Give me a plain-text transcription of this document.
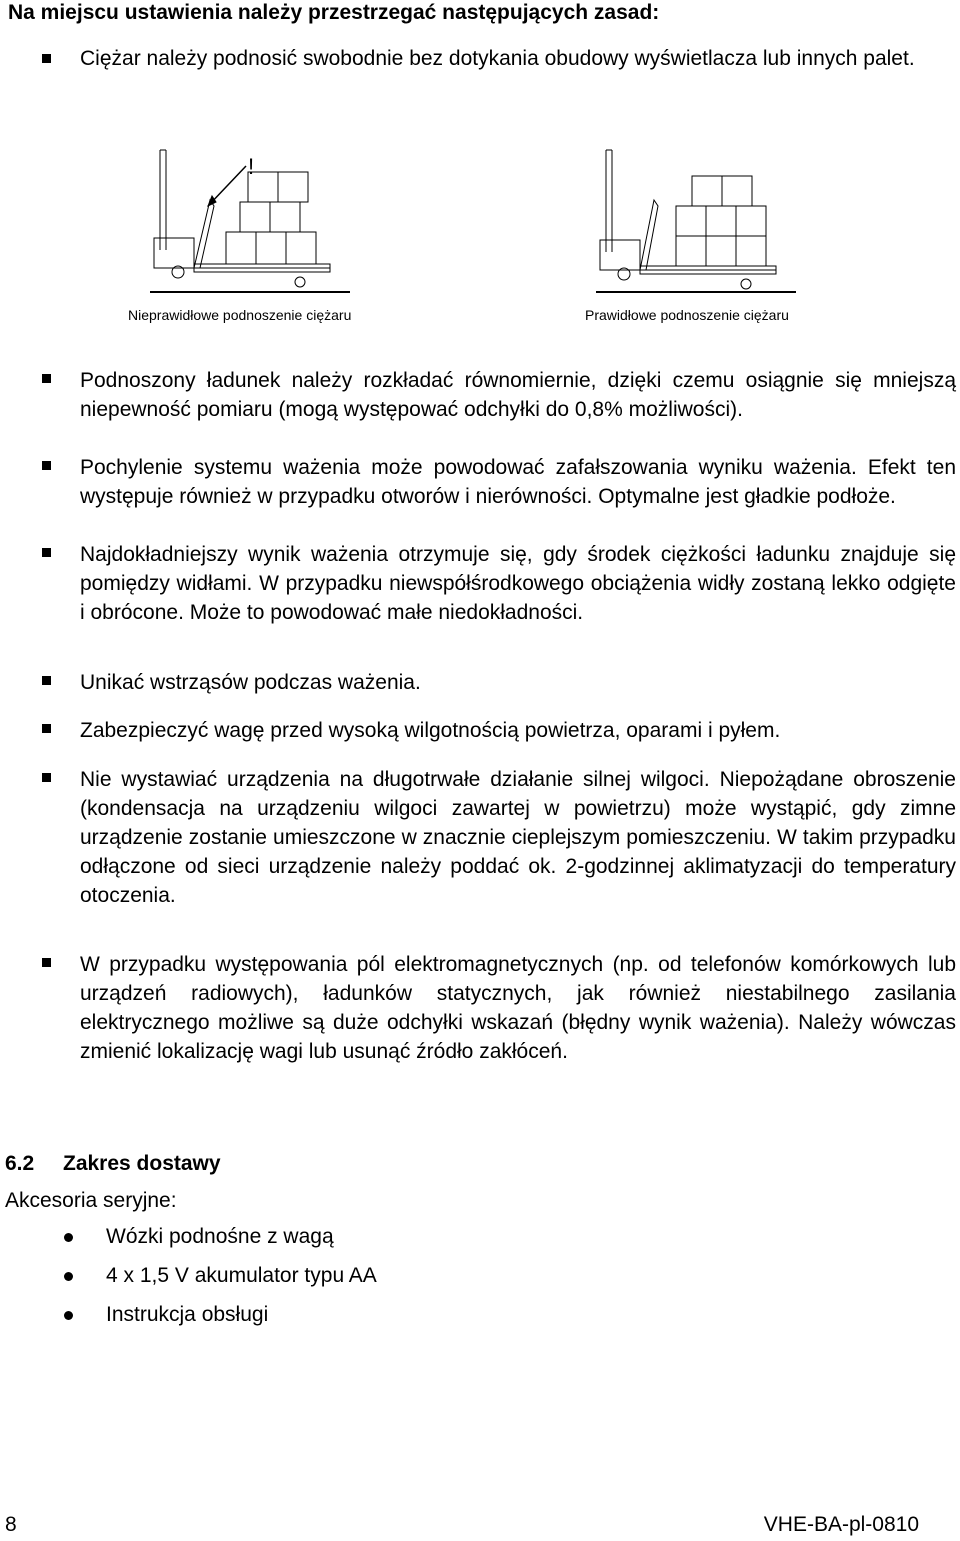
Na miejscu ustawienia należy przestrzegać następujących zasad:
Ciężar należy podnosić swobodnie bez dotykania obudowy wyświetlacza lub innych palet.
!
Nieprawidłowe podnoszenie ciężaru	Prawidłowe podnoszenie ciężaru
Podnoszony ładunek należy rozkładać równomiernie, dzięki czemu osiągnie się mniejszą niepewność pomiaru (mogą występować odchyłki do 0,8% możliwości).
Pochylenie systemu ważenia może powodować zafałszowania wyniku ważenia. Efekt ten występuje również w przypadku otworów i nierówności. Optymalne jest gładkie podłoże.
Najdokładniejszy wynik ważenia otrzymuje się, gdy środek ciężkości ładunku znajduje się pomiędzy widłami. W przypadku niewspółśrodkowego obciążenia widły zostaną lekko odgięte i obrócone. Może to powodować małe niedokładności.
Unikać wstrząsów podczas ważenia.
Zabezpieczyć wagę przed wysoką wilgotnością powietrza, oparami i pyłem.
Nie wystawiać urządzenia na długotrwałe działanie silnej wilgoci. Niepożądane obroszenie (kondensacja na urządzeniu wilgoci zawartej w powietrzu) może wystąpić, gdy zimne urządzenie zostanie umieszczone w znacznie cieplejszym pomieszczeniu. W takim przypadku odłączone od sieci urządzenie należy poddać ok. 2-godzinnej aklimatyzacji do temperatury otoczenia.
W przypadku występowania pól elektromagnetycznych (np. od telefonów komórkowych lub urządzeń radiowych), ładunków statycznych, jak również niestabilnego zasilania elektrycznego możliwe są duże odchyłki wskazań (błędny wynik ważenia). Należy wówczas zmienić lokalizację wagi lub usunąć źródło zakłóceń.
6.2 Zakres dostawy
Akcesoria seryjne:
Wózki podnośne z wagą
4 x 1,5 V akumulator typu AA
Instrukcja obsługi
8	VHE-BA-pl-0810
